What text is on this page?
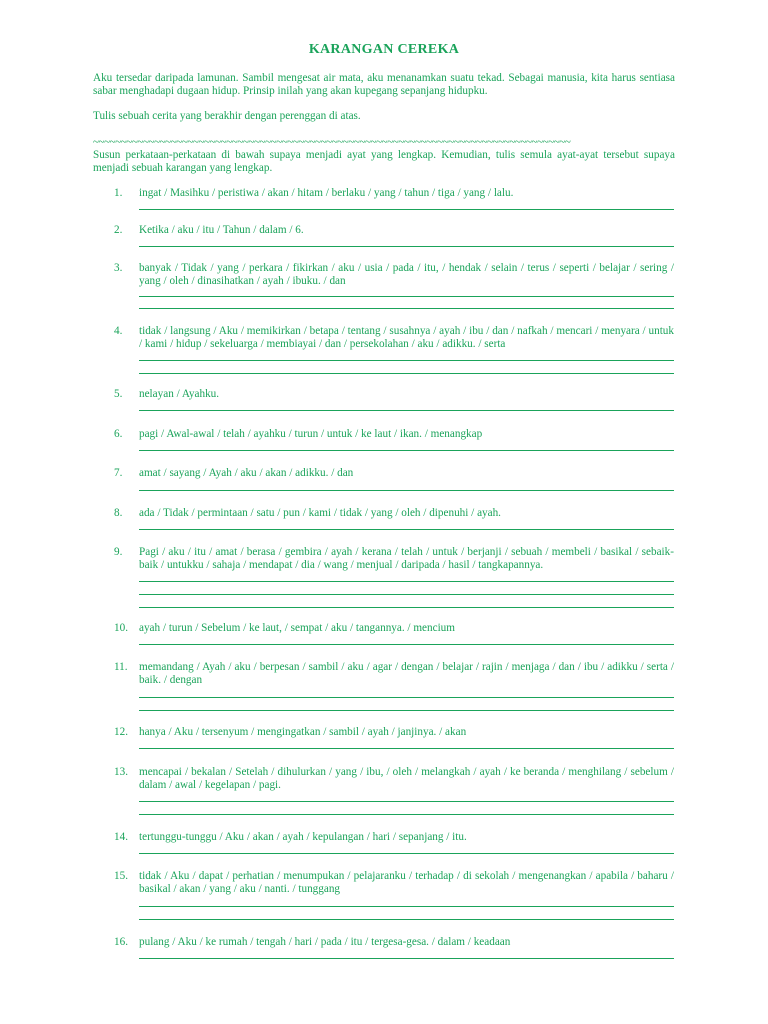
KARANGAN CEREKA
Aku tersedar daripada lamunan. Sambil mengesat air mata, aku menanamkan suatu tekad. Sebagai manusia, kita harus sentiasa sabar menghadapi dugaan hidup. Prinsip inilah yang akan kupegang sepanjang hidupku.
Tulis sebuah cerita yang berakhir dengan perenggan di atas.
~~~~~~~~~~~~~~~~~~~~~~~~~~~~~~~~~~~~~~~~~~~~~~~~~~~~~~~~~~~~~~~~~~~~~~~~~~~~~~~~~~~~~~
Susun perkataan-perkataan di bawah supaya menjadi ayat yang lengkap. Kemudian, tulis semula ayat-ayat tersebut supaya menjadi sebuah karangan yang lengkap.
1.	ingat / Masihku / peristiwa / akan / hitam / berlaku / yang / tahun / tiga / yang / lalu.
2.	Ketika / aku / itu / Tahun / dalam / 6.
3.	banyak / Tidak / yang / perkara / fikirkan / aku / usia / pada / itu, / hendak / selain / terus / seperti / belajar / sering / yang / oleh / dinasihatkan / ayah / ibuku. / dan
4.	tidak / langsung / Aku / memikirkan / betapa / tentang / susahnya / ayah / ibu / dan / nafkah / mencari / menyara / untuk / kami / hidup / sekeluarga / membiayai / dan / persekolahan / aku / adikku. / serta
5.	nelayan / Ayahku.
6.	pagi / Awal-awal / telah / ayahku / turun / untuk / ke laut / ikan. / menangkap
7.	amat / sayang / Ayah / aku / akan / adikku. / dan
8.	ada / Tidak / permintaan / satu / pun / kami / tidak / yang / oleh / dipenuhi / ayah.
9.	Pagi / aku / itu / amat / berasa / gembira / ayah / kerana / telah / untuk / berjanji / sebuah / membeli / basikal / sebaik-baik / untukku / sahaja / mendapat / dia / wang / menjual / daripada / hasil / tangkapannya.
10. ayah / turun / Sebelum / ke laut, / sempat / aku / tangannya. / mencium
11.	memandang / Ayah / aku / berpesan / sambil / aku / agar / dengan / belajar / rajin / menjaga / dan / ibu / adikku / serta / baik. / dengan
12. hanya / Aku / tersenyum / mengingatkan / sambil / ayah / janjinya. / akan
13. mencapai / bekalan / Setelah / dihulurkan / yang / ibu, / oleh / melangkah / ayah / ke beranda / menghilang / sebelum / dalam / awal / kegelapan / pagi.
14. tertunggu-tunggu / Aku / akan / ayah / kepulangan / hari / sepanjang / itu.
15. tidak / Aku / dapat / perhatian / menumpukan / pelajaranku / terhadap / di sekolah / mengenangkan / apabila / baharu / basikal / akan / yang / aku / nanti. / tunggang
16. pulang / Aku / ke rumah / tengah / hari / pada / itu / tergesa-gesa. / dalam / keadaan
